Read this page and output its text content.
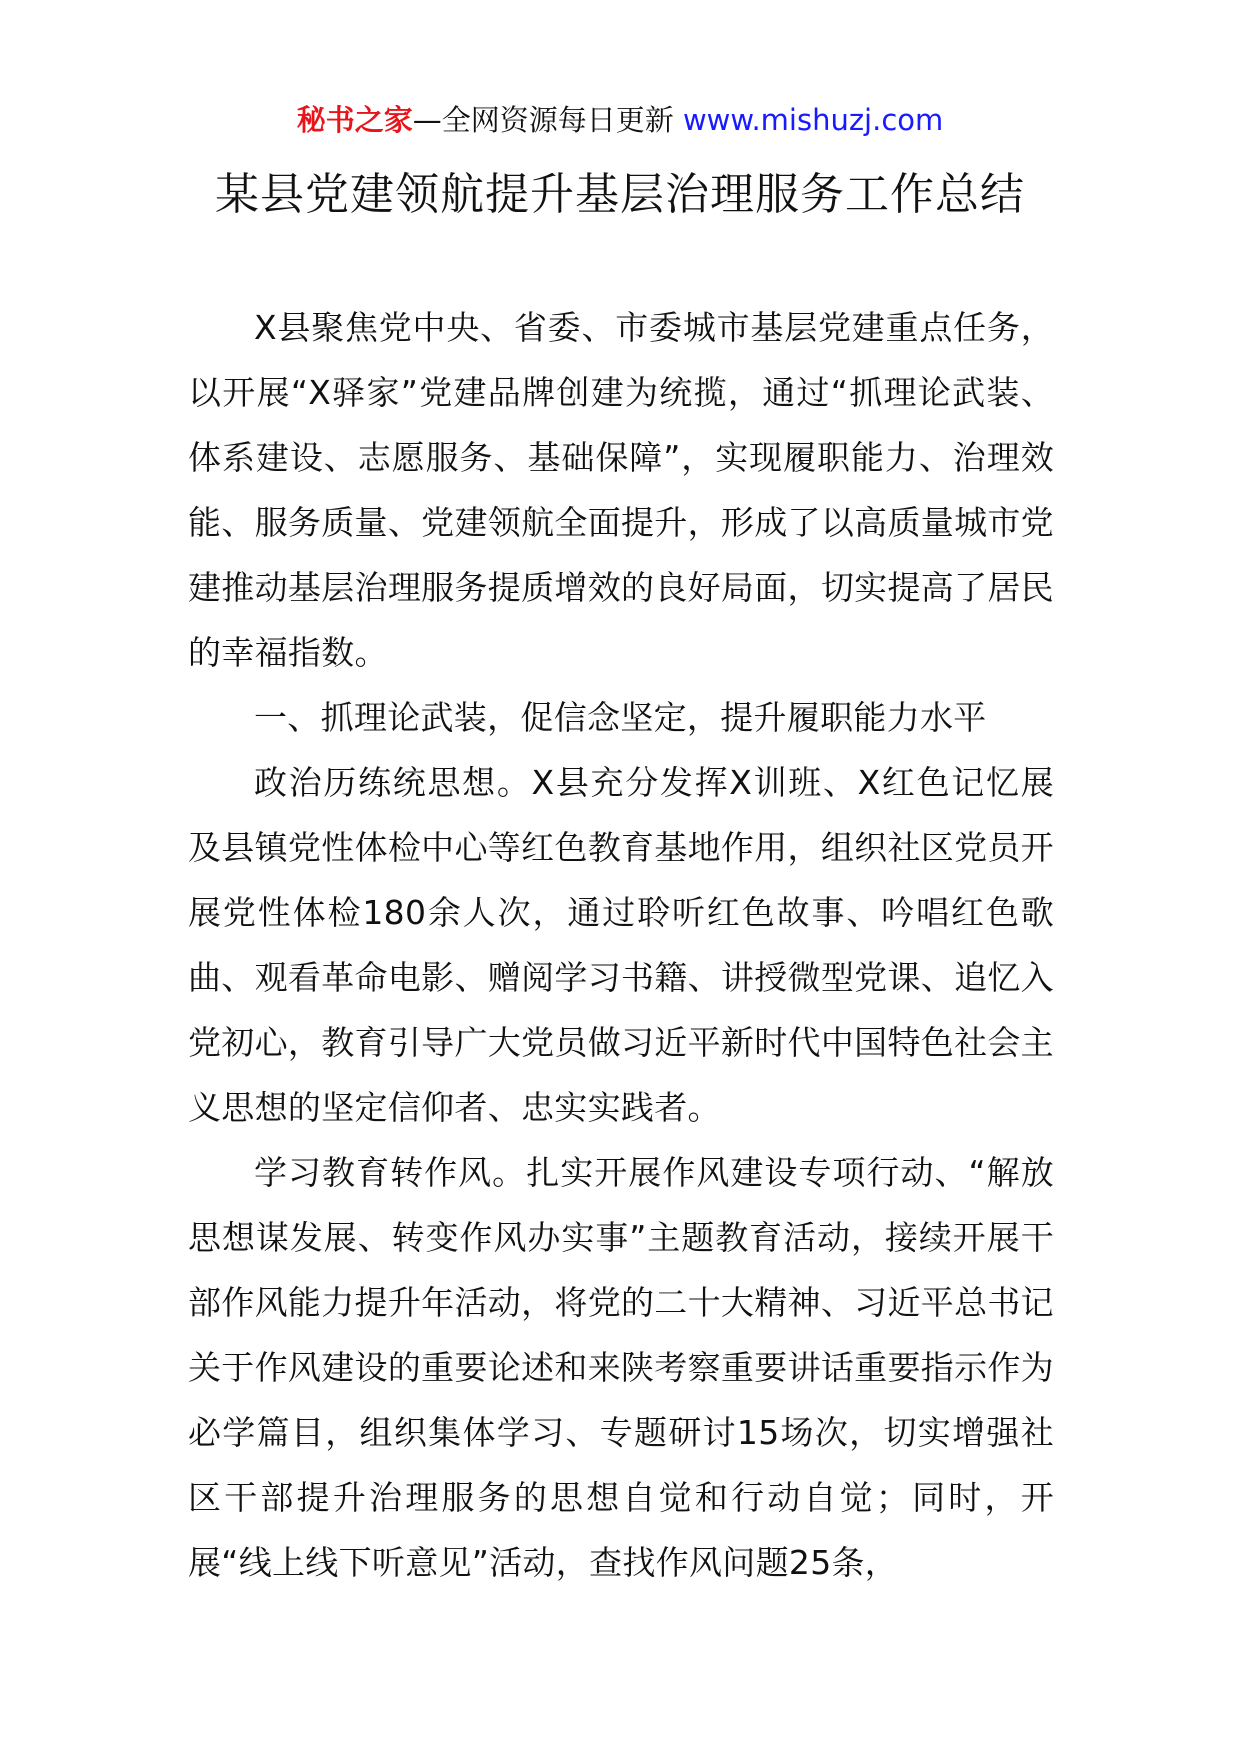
秘书之家—全网资源每日更新 www.mishuzj.com
某县党建领航提升基层治理服务工作总结

X县聚焦党中央、省委、市委城市基层党建重点任务，以开展“X驿家”党建品牌创建为统揽，通过“抓理论武装、体系建设、志愿服务、基础保障”，实现履职能力、治理效能、服务质量、党建领航全面提升，形成了以高质量城市党建推动基层治理服务提质增效的良好局面，切实提高了居民的幸福指数。

一、抓理论武装，促信念坚定，提升履职能力水平

政治历练统思想。X县充分发挥X训班、X红色记忆展及县镇党性体检中心等红色教育基地作用，组织社区党员开展党性体检180余人次，通过聆听红色故事、吟唱红色歌曲、观看革命电影、赠阅学习书籍、讲授微型党课、追忆入党初心，教育引导广大党员做习近平新时代中国特色社会主义思想的坚定信仰者、忠实实践者。

学习教育转作风。扎实开展作风建设专项行动、“解放思想谋发展、转变作风办实事”主题教育活动，接续开展干部作风能力提升年活动，将党的二十大精神、习近平总书记关于作风建设的重要论述和来陕考察重要讲话重要指示作为必学篇目，组织集体学习、专题研讨15场次，切实增强社区干部提升治理服务的思想自觉和行动自觉；同时，开展“线上线下听意见”活动，查找作风问题25条，
